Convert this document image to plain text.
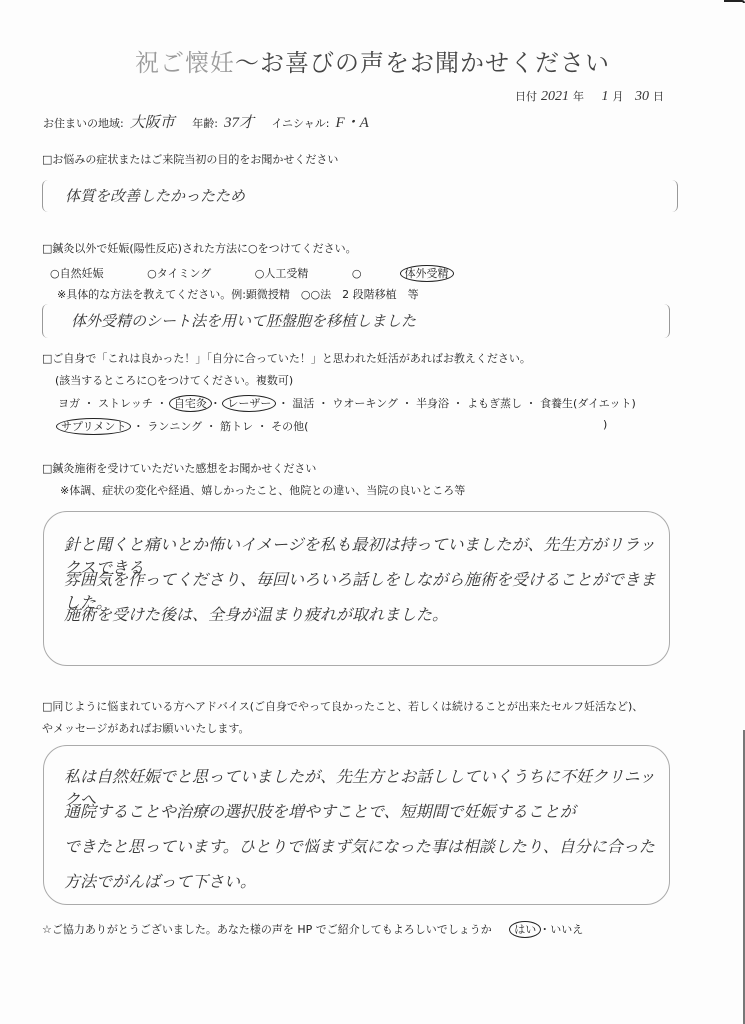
祝ご懐妊〜お喜びの声をお聞かせください
日付 2021 年 1 月 30 日
お住まいの地域: 大阪市 年齢: 37才 イニシャル: F・A
□お悩みの症状またはご来院当初の目的をお聞かせください
体質を改善したかったため
□鍼灸以外で妊娠(陽性反応)された方法に○をつけてください。
○自然妊娠	○タイミング	○人工受精	○	体外受精
※具体的な方法を教えてください。例:顕微授精　○○法　2 段階移植　等
体外受精のシート法を用いて胚盤胞を移植しました
□ご自身で「これは良かった！」「自分に合っていた！」と思われた妊活があればお教えください。
(該当するところに○をつけてください。複数可)
ヨガ ・ ストレッチ ・ 自宅灸 ・ レーザー ・ 温活 ・ ウオーキング ・ 半身浴 ・ よもぎ蒸し ・ 食養生(ダイエット)
サプリメント ・ ランニング ・ 筋トレ ・ その他(	)
□鍼灸施術を受けていただいた感想をお聞かせください
※体調、症状の変化や経過、嬉しかったこと、他院との違い、当院の良いところ等
針と聞くと痛いとか怖いイメージを私も最初は持っていましたが、先生方がリラックスできる
雰囲気を作ってくださり、毎回いろいろ話しをしながら施術を受けることができました。
施術を受けた後は、全身が温まり疲れが取れました。
□同じように悩まれている方へアドバイス(ご自身でやって良かったこと、若しくは続けることが出来たセルフ妊活など)、
やメッセージがあればお願いいたします。
私は自然妊娠でと思っていましたが、先生方とお話ししていくうちに不妊クリニックへ
通院することや治療の選択肢を増やすことで、短期間で妊娠することが
できたと思っています。ひとりで悩まず気になった事は相談したり、自分に合った
方法でがんばって下さい。
☆ご協力ありがとうございました。あなた様の声を HP でご紹介してもよろしいでしょうか はい ・いいえ
